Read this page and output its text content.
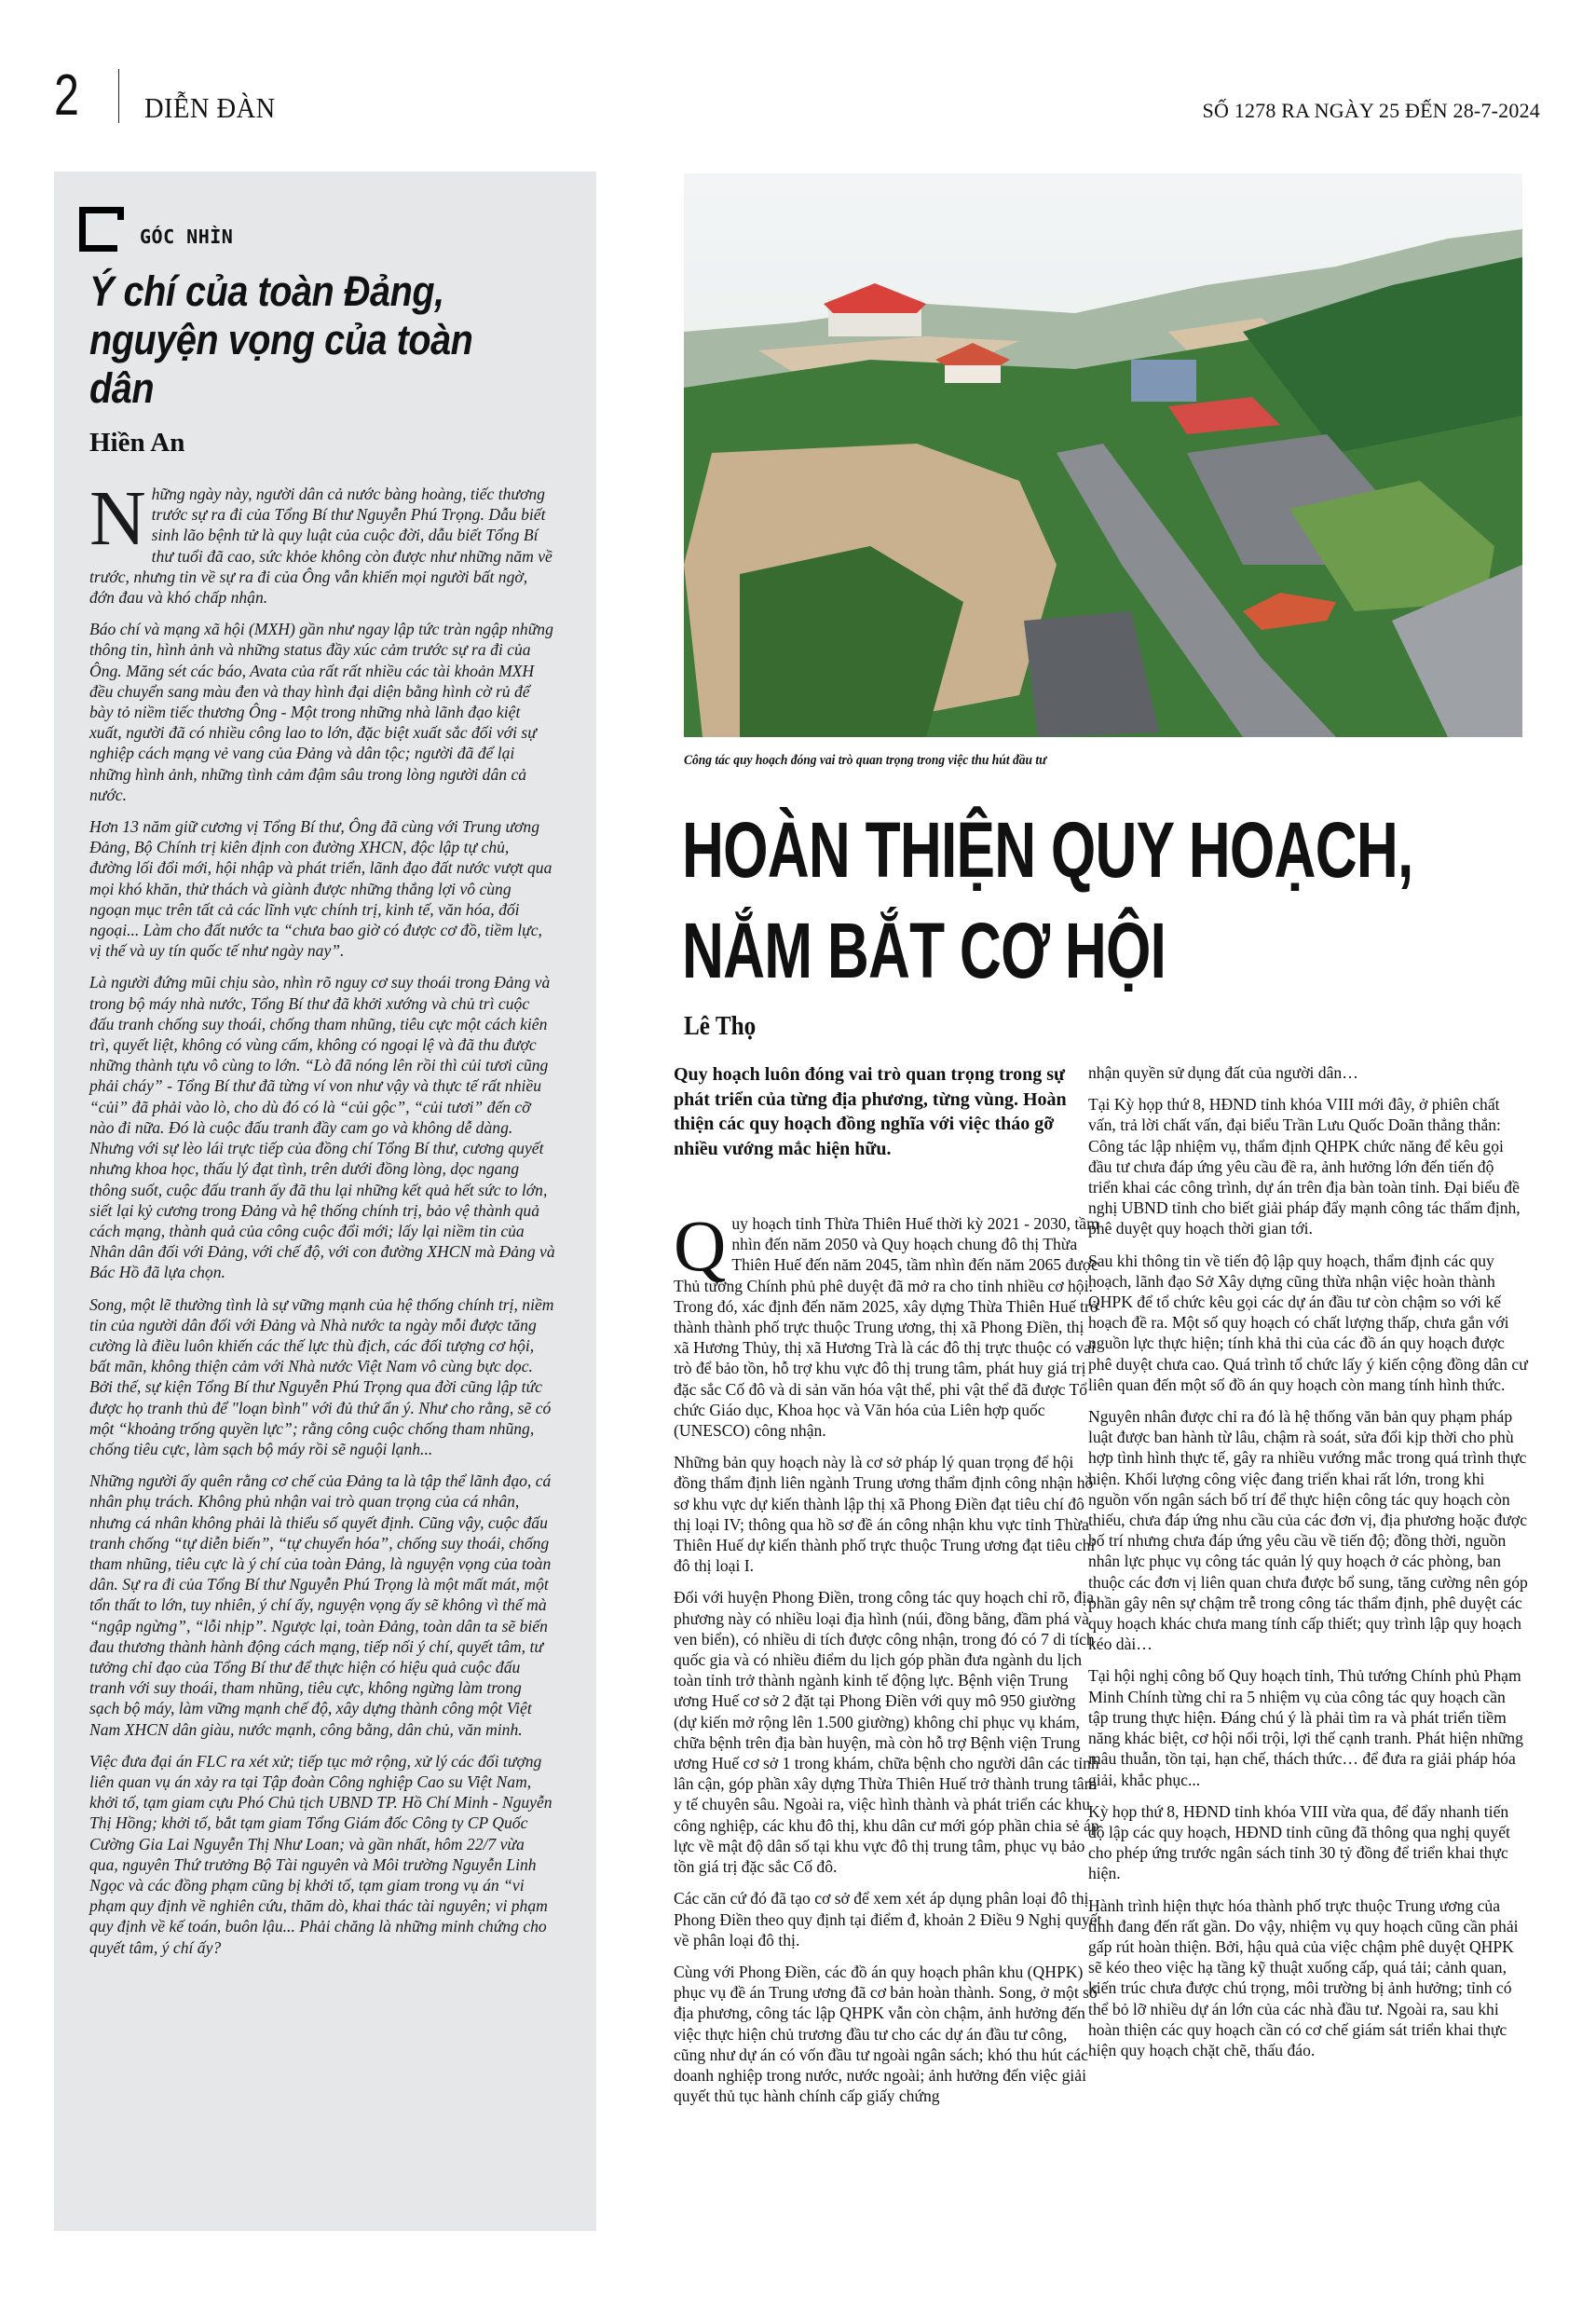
2 DIỄN ĐÀN	SỐ 1278 RA NGÀY 25 ĐẾN 28-7-2024
GÓC NHÌN
Ý chí của toàn Đảng, nguyện vọng của toàn dân
Hiền An

Những ngày này, người dân cả nước bàng hoàng, tiếc thương trước sự ra đi của Tổng Bí thư Nguyễn Phú Trọng. Dẫu biết sinh lão bệnh tử là quy luật của cuộc đời, dẫu biết Tổng Bí thư tuổi đã cao, sức khỏe không còn được như những năm về trước, nhưng tin về sự ra đi của Ông vẫn khiến mọi người bất ngờ, đớn đau và khó chấp nhận.

Báo chí và mạng xã hội (MXH) gần như ngay lập tức tràn ngập những thông tin, hình ảnh và những status đầy xúc cảm trước sự ra đi của Ông. Măng sét các báo, Avata của rất rất nhiều các tài khoản MXH đều chuyển sang màu đen và thay hình đại diện bằng hình cờ rủ để bày tỏ niềm tiếc thương Ông - Một trong những nhà lãnh đạo kiệt xuất, người đã có nhiều công lao to lớn, đặc biệt xuất sắc đối với sự nghiệp cách mạng vẻ vang của Đảng và dân tộc; người đã để lại những hình ảnh, những tình cảm đậm sâu trong lòng người dân cả nước.

Hơn 13 năm giữ cương vị Tổng Bí thư, Ông đã cùng với Trung ương Đảng, Bộ Chính trị kiên định con đường XHCN, độc lập tự chủ, đường lối đổi mới, hội nhập và phát triển, lãnh đạo đất nước vượt qua mọi khó khăn, thử thách và giành được những thắng lợi vô cùng ngoạn mục trên tất cả các lĩnh vực chính trị, kinh tế, văn hóa, đối ngoại... Làm cho đất nước ta “chưa bao giờ có được cơ đồ, tiềm lực, vị thế và uy tín quốc tế như ngày nay”.

Là người đứng mũi chịu sào, nhìn rõ nguy cơ suy thoái trong Đảng và trong bộ máy nhà nước, Tổng Bí thư đã khởi xướng và chủ trì cuộc đấu tranh chống suy thoái, chống tham nhũng, tiêu cực một cách kiên trì, quyết liệt, không có vùng cấm, không có ngoại lệ và đã thu được những thành tựu vô cùng to lớn. “Lò đã nóng lên rồi thì củi tươi cũng phải cháy” - Tổng Bí thư đã từng ví von như vậy và thực tế rất nhiều “củi” đã phải vào lò, cho dù đó có là “củi gộc”, “củi tươi” đến cỡ nào đi nữa. Đó là cuộc đấu tranh đầy cam go và không dễ dàng. Nhưng với sự lèo lái trực tiếp của đồng chí Tổng Bí thư, cương quyết nhưng khoa học, thấu lý đạt tình, trên dưới đồng lòng, dọc ngang thông suốt, cuộc đấu tranh ấy đã thu lại những kết quả hết sức to lớn, siết lại kỷ cương trong Đảng và hệ thống chính trị, bảo vệ thành quả cách mạng, thành quả của công cuộc đổi mới; lấy lại niềm tin của Nhân dân đối với Đảng, với chế độ, với con đường XHCN mà Đảng và Bác Hồ đã lựa chọn.

Song, một lẽ thường tình là sự vững mạnh của hệ thống chính trị, niềm tin của người dân đối với Đảng và Nhà nước ta ngày mỗi được tăng cường là điều luôn khiến các thế lực thù địch, các đối tượng cơ hội, bất mãn, không thiện cảm với Nhà nước Việt Nam vô cùng bực dọc. Bởi thế, sự kiện Tổng Bí thư Nguyễn Phú Trọng qua đời cũng lập tức được họ tranh thủ để "loạn bình" với đủ thứ ẩn ý. Như cho rằng, sẽ có một “khoảng trống quyền lực”; rằng công cuộc chống tham nhũng, chống tiêu cực, làm sạch bộ máy rồi sẽ nguội lạnh...

Những người ấy quên rằng cơ chế của Đảng ta là tập thể lãnh đạo, cá nhân phụ trách. Không phủ nhận vai trò quan trọng của cá nhân, nhưng cá nhân không phải là thiểu số quyết định. Cũng vậy, cuộc đấu tranh chống “tự diễn biến”, “tự chuyển hóa”, chống suy thoái, chống tham nhũng, tiêu cực là ý chí của toàn Đảng, là nguyện vọng của toàn dân. Sự ra đi của Tổng Bí thư Nguyễn Phú Trọng là một mất mát, một tổn thất to lớn, tuy nhiên, ý chí ấy, nguyện vọng ấy sẽ không vì thế mà “ngập ngừng”, “lỗi nhịp”. Ngược lại, toàn Đảng, toàn dân ta sẽ biến đau thương thành hành động cách mạng, tiếp nối ý chí, quyết tâm, tư tưởng chỉ đạo của Tổng Bí thư để thực hiện có hiệu quả cuộc đấu tranh với suy thoái, tham nhũng, tiêu cực, không ngừng làm trong sạch bộ máy, làm vững mạnh chế độ, xây dựng thành công một Việt Nam XHCN dân giàu, nước mạnh, công bằng, dân chủ, văn minh.

Việc đưa đại án FLC ra xét xử; tiếp tục mở rộng, xử lý các đối tượng liên quan vụ án xảy ra tại Tập đoàn Công nghiệp Cao su Việt Nam, khởi tố, tạm giam cựu Phó Chủ tịch UBND TP. Hồ Chí Minh - Nguyễn Thị Hồng; khởi tố, bắt tạm giam Tổng Giám đốc Công ty CP Quốc Cường Gia Lai Nguyễn Thị Như Loan; và gần nhất, hôm 22/7 vừa qua, nguyên Thứ trưởng Bộ Tài nguyên và Môi trường Nguyễn Linh Ngọc và các đồng phạm cũng bị khởi tố, tạm giam trong vụ án “vi phạm quy định về nghiên cứu, thăm dò, khai thác tài nguyên; vi phạm quy định về kế toán, buôn lậu... Phải chăng là những minh chứng cho quyết tâm, ý chí ấy?

Công tác quy hoạch đóng vai trò quan trọng trong việc thu hút đầu tư
HOÀN THIỆN QUY HOẠCH,
NẮM BẮT CƠ HỘI
Lê Thọ

Quy hoạch luôn đóng vai trò quan trọng trong sự phát triển của từng địa phương, từng vùng. Hoàn thiện các quy hoạch đồng nghĩa với việc tháo gỡ nhiều vướng mắc hiện hữu.

Quy hoạch tỉnh Thừa Thiên Huế thời kỳ 2021 - 2030, tầm nhìn đến năm 2050 và Quy hoạch chung đô thị Thừa Thiên Huế đến năm 2045, tầm nhìn đến năm 2065 được Thủ tướng Chính phủ phê duyệt đã mở ra cho tỉnh nhiều cơ hội. Trong đó, xác định đến năm 2025, xây dựng Thừa Thiên Huế trở thành thành phố trực thuộc Trung ương, thị xã Phong Điền, thị xã Hương Thủy, thị xã Hương Trà là các đô thị trực thuộc có vai trò để bảo tồn, hỗ trợ khu vực đô thị trung tâm, phát huy giá trị đặc sắc Cố đô và di sản văn hóa vật thể, phi vật thể đã được Tổ chức Giáo dục, Khoa học và Văn hóa của Liên hợp quốc (UNESCO) công nhận.

Những bản quy hoạch này là cơ sở pháp lý quan trọng để hội đồng thẩm định liên ngành Trung ương thẩm định công nhận hồ sơ khu vực dự kiến thành lập thị xã Phong Điền đạt tiêu chí đô thị loại IV; thông qua hồ sơ đề án công nhận khu vực tỉnh Thừa Thiên Huế dự kiến thành phố trực thuộc Trung ương đạt tiêu chí đô thị loại I.

Đối với huyện Phong Điền, trong công tác quy hoạch chỉ rõ, địa phương này có nhiều loại địa hình (núi, đồng bằng, đầm phá và ven biển), có nhiều di tích được công nhận, trong đó có 7 di tích quốc gia và có nhiều điểm du lịch góp phần đưa ngành du lịch toàn tỉnh trở thành ngành kinh tế động lực. Bệnh viện Trung ương Huế cơ sở 2 đặt tại Phong Điền với quy mô 950 giường (dự kiến mở rộng lên 1.500 giường) không chỉ phục vụ khám, chữa bệnh trên địa bàn huyện, mà còn hỗ trợ Bệnh viện Trung ương Huế cơ sở 1 trong khám, chữa bệnh cho người dân các tỉnh lân cận, góp phần xây dựng Thừa Thiên Huế trở thành trung tâm y tế chuyên sâu. Ngoài ra, việc hình thành và phát triển các khu công nghiệp, các khu đô thị, khu dân cư mới góp phần chia sẻ áp lực về mật độ dân số tại khu vực đô thị trung tâm, phục vụ bảo tồn giá trị đặc sắc Cố đô.

Các căn cứ đó đã tạo cơ sở để xem xét áp dụng phân loại đô thị Phong Điền theo quy định tại điểm đ, khoản 2 Điều 9 Nghị quyết về phân loại đô thị.

Cùng với Phong Điền, các đồ án quy hoạch phân khu (QHPK) phục vụ đề án Trung ương đã cơ bản hoàn thành. Song, ở một số địa phương, công tác lập QHPK vẫn còn chậm, ảnh hưởng đến việc thực hiện chủ trương đầu tư cho các dự án đầu tư công, cũng như dự án có vốn đầu tư ngoài ngân sách; khó thu hút các doanh nghiệp trong nước, nước ngoài; ảnh hưởng đến việc giải quyết thủ tục hành chính cấp giấy chứng

nhận quyền sử dụng đất của người dân…

Tại Kỳ họp thứ 8, HĐND tỉnh khóa VIII mới đây, ở phiên chất vấn, trả lời chất vấn, đại biểu Trần Lưu Quốc Doãn thẳng thắn: Công tác lập nhiệm vụ, thẩm định QHPK chức năng để kêu gọi đầu tư chưa đáp ứng yêu cầu đề ra, ảnh hưởng lớn đến tiến độ triển khai các công trình, dự án trên địa bàn toàn tỉnh. Đại biểu đề nghị UBND tỉnh cho biết giải pháp đẩy mạnh công tác thẩm định, phê duyệt quy hoạch thời gian tới.

Sau khi thông tin về tiến độ lập quy hoạch, thẩm định các quy hoạch, lãnh đạo Sở Xây dựng cũng thừa nhận việc hoàn thành QHPK để tổ chức kêu gọi các dự án đầu tư còn chậm so với kế hoạch đề ra. Một số quy hoạch có chất lượng thấp, chưa gắn với nguồn lực thực hiện; tính khả thi của các đồ án quy hoạch được phê duyệt chưa cao. Quá trình tổ chức lấy ý kiến cộng đồng dân cư liên quan đến một số đồ án quy hoạch còn mang tính hình thức.

Nguyên nhân được chỉ ra đó là hệ thống văn bản quy phạm pháp luật được ban hành từ lâu, chậm rà soát, sửa đổi kịp thời cho phù hợp tình hình thực tế, gây ra nhiều vướng mắc trong quá trình thực hiện. Khối lượng công việc đang triển khai rất lớn, trong khi nguồn vốn ngân sách bố trí để thực hiện công tác quy hoạch còn thiếu, chưa đáp ứng nhu cầu của các đơn vị, địa phương hoặc được bố trí nhưng chưa đáp ứng yêu cầu về tiến độ; đồng thời, nguồn nhân lực phục vụ công tác quản lý quy hoạch ở các phòng, ban thuộc các đơn vị liên quan chưa được bổ sung, tăng cường nên góp phần gây nên sự chậm trễ trong công tác thẩm định, phê duyệt các quy hoạch khác chưa mang tính cấp thiết; quy trình lập quy hoạch kéo dài…

Tại hội nghị công bố Quy hoạch tỉnh, Thủ tướng Chính phủ Phạm Minh Chính từng chỉ ra 5 nhiệm vụ của công tác quy hoạch cần tập trung thực hiện. Đáng chú ý là phải tìm ra và phát triển tiềm năng khác biệt, cơ hội nổi trội, lợi thế cạnh tranh. Phát hiện những mâu thuẫn, tồn tại, hạn chế, thách thức… để đưa ra giải pháp hóa giải, khắc phục...

Kỳ họp thứ 8, HĐND tỉnh khóa VIII vừa qua, để đẩy nhanh tiến độ lập các quy hoạch, HĐND tỉnh cũng đã thông qua nghị quyết cho phép ứng trước ngân sách tỉnh 30 tỷ đồng để triển khai thực hiện.

Hành trình hiện thực hóa thành phố trực thuộc Trung ương của tỉnh đang đến rất gần. Do vậy, nhiệm vụ quy hoạch cũng cần phải gấp rút hoàn thiện. Bởi, hậu quả của việc chậm phê duyệt QHPK sẽ kéo theo việc hạ tầng kỹ thuật xuống cấp, quá tải; cảnh quan, kiến trúc chưa được chú trọng, môi trường bị ảnh hưởng; tỉnh có thể bỏ lỡ nhiều dự án lớn của các nhà đầu tư. Ngoài ra, sau khi hoàn thiện các quy hoạch cần có cơ chế giám sát triển khai thực hiện quy hoạch chặt chẽ, thấu đáo.
